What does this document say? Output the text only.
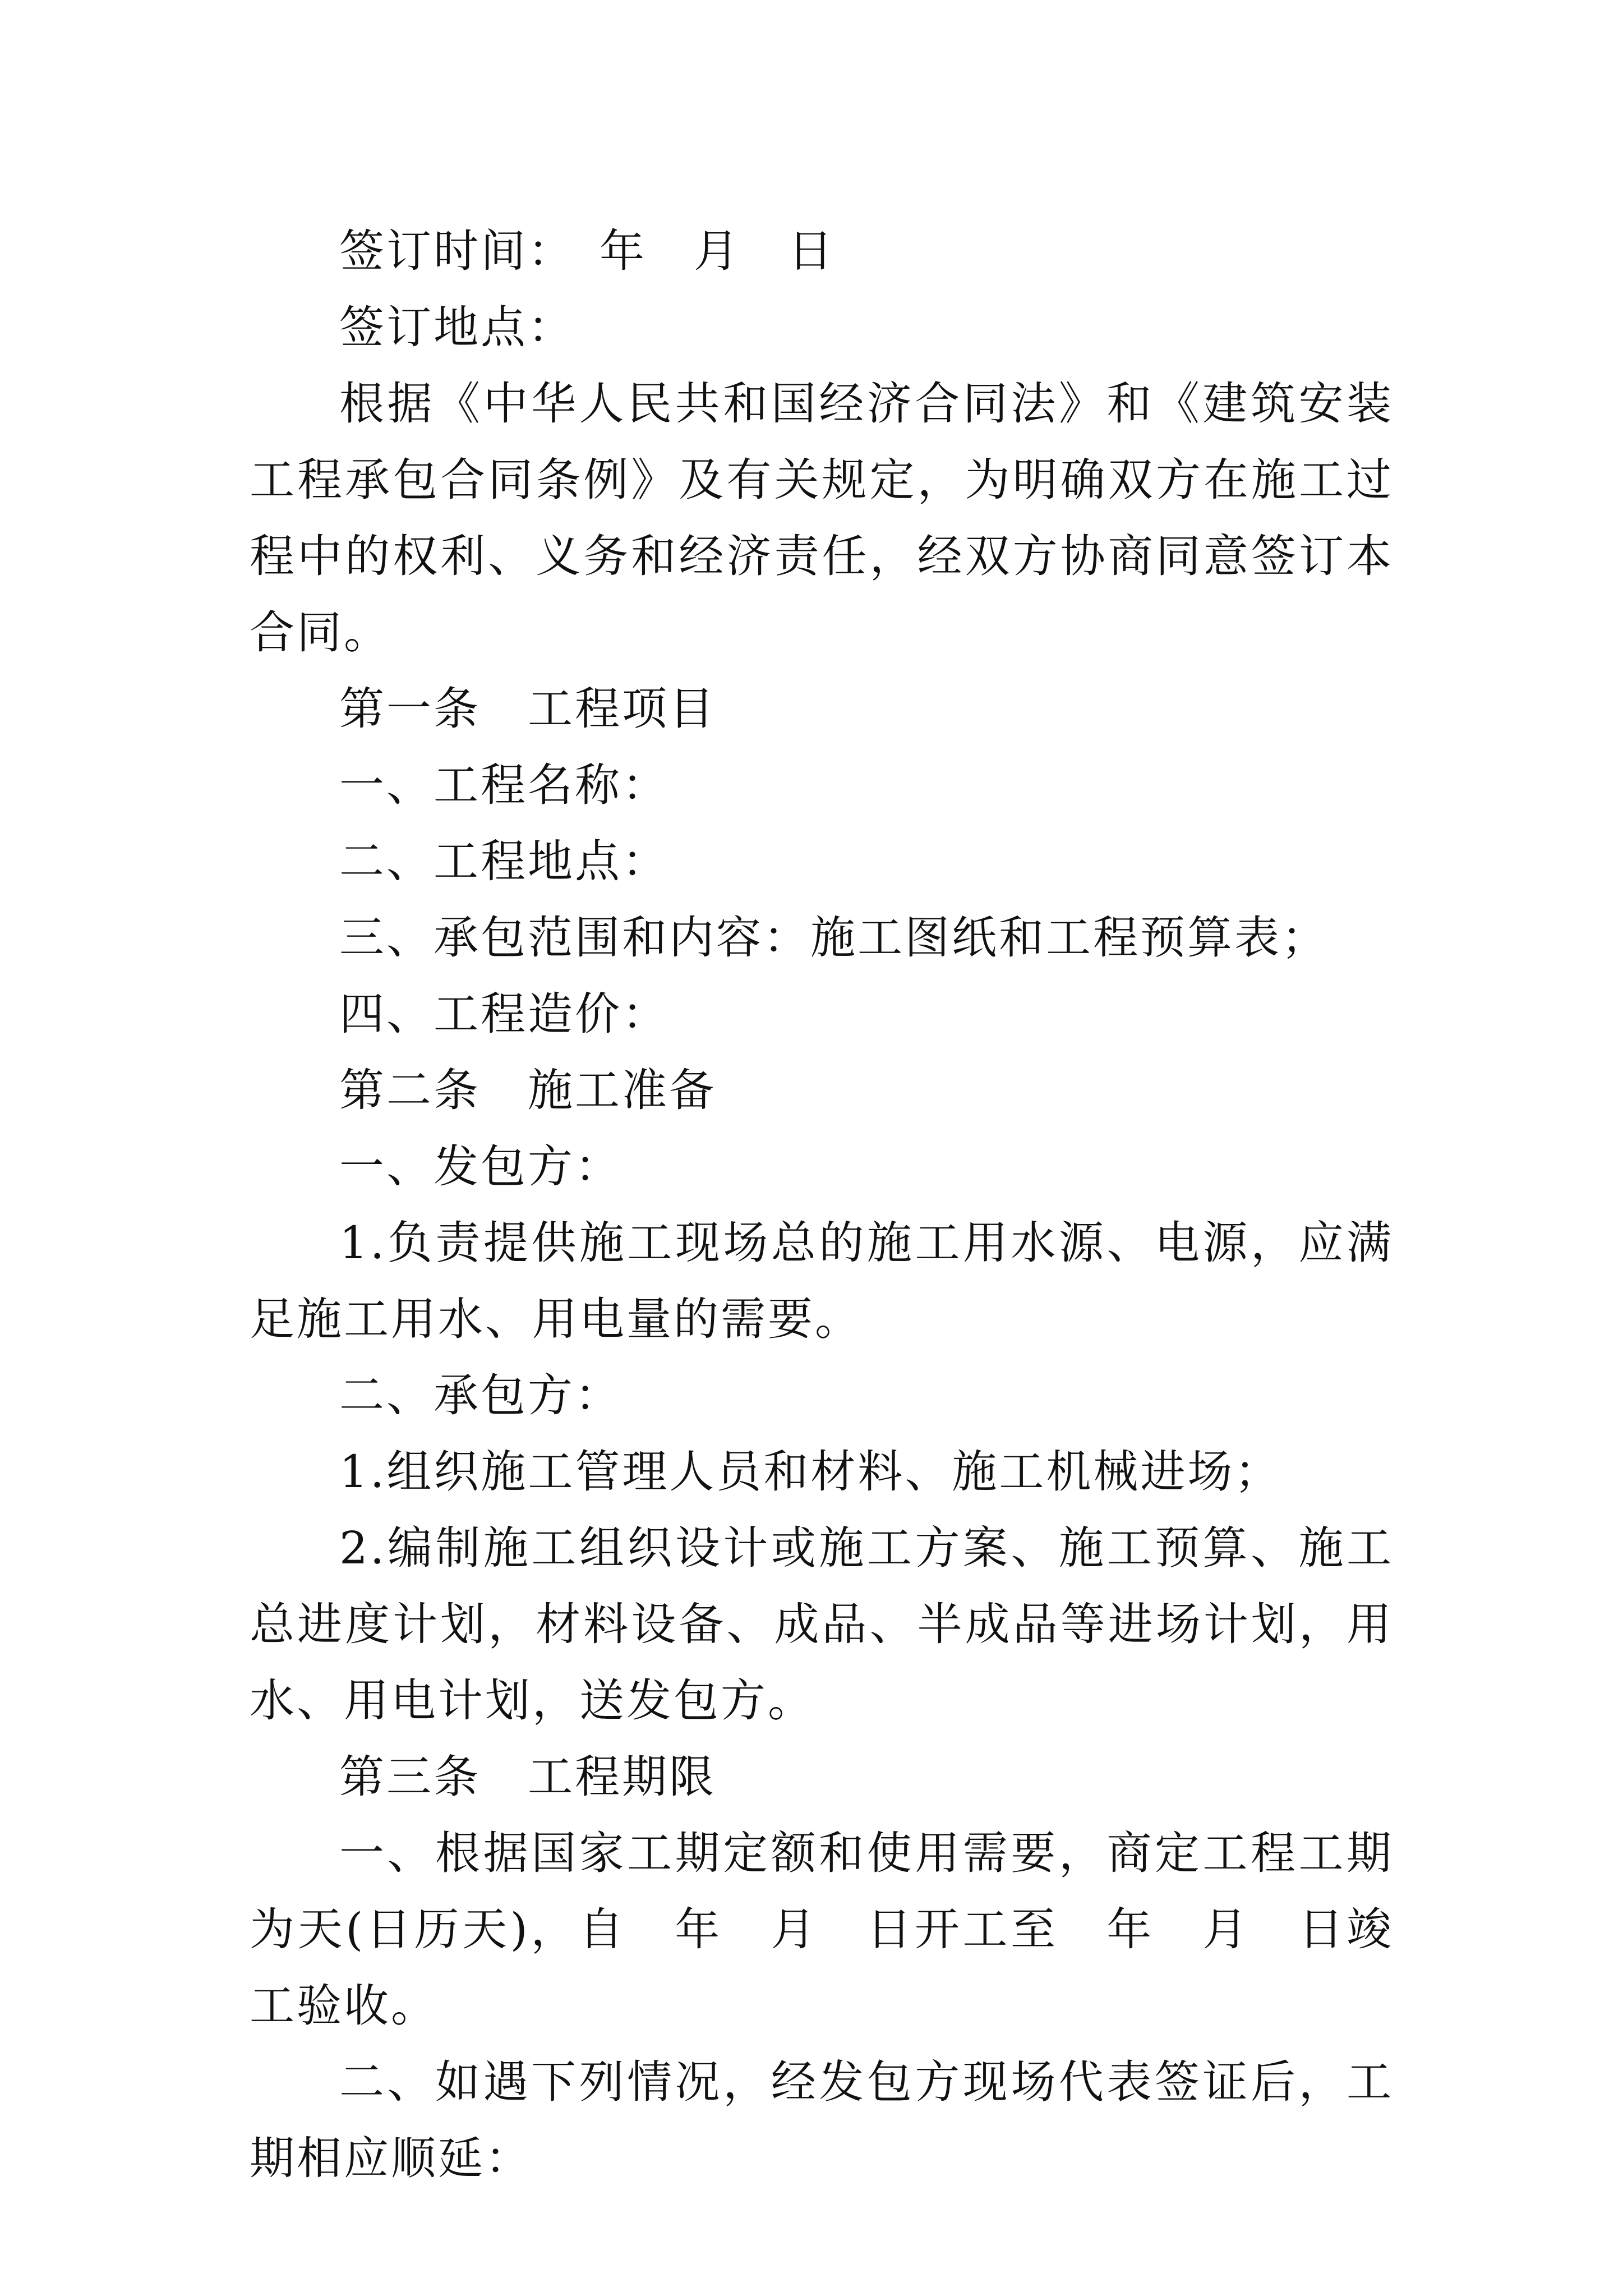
签订时间：　年　月　日

签订地点：

根据《中华人民共和国经济合同法》和《建筑安装工程承包合同条例》及有关规定，为明确双方在施工过程中的权利、义务和经济责任，经双方协商同意签订本合同。

第一条　工程项目

一、工程名称：

二、工程地点：

三、承包范围和内容：施工图纸和工程预算表；

四、工程造价：

第二条　施工准备

一、发包方：

1.负责提供施工现场总的施工用水源、电源，应满足施工用水、用电量的需要。

二、承包方：

1.组织施工管理人员和材料、施工机械进场；

2.编制施工组织设计或施工方案、施工预算、施工总进度计划，材料设备、成品、半成品等进场计划，用水、用电计划，送发包方。

第三条　工程期限

一、根据国家工期定额和使用需要，商定工程工期为天(日历天)，自　年　月　日开工至　年　月　日竣工验收。

二、如遇下列情况，经发包方现场代表签证后，工期相应顺延：
